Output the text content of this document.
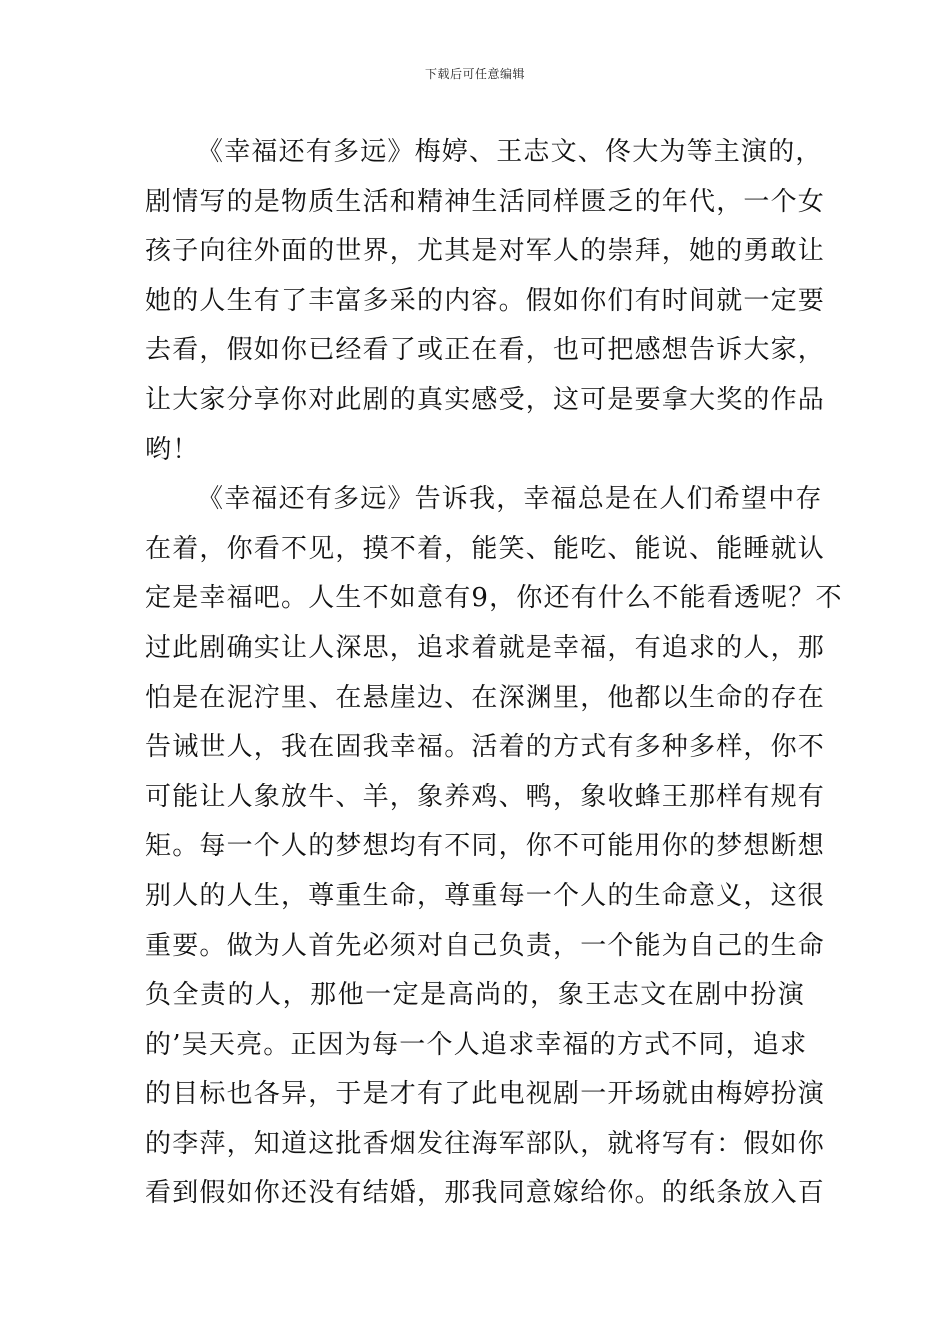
下载后可任意编辑
《幸福还有多远》梅婷、王志文、佟大为等主演的，
剧情写的是物质生活和精神生活同样匮乏的年代，一个女
孩子向往外面的世界，尤其是对军人的崇拜，她的勇敢让
她的人生有了丰富多采的内容。假如你们有时间就一定要
去看，假如你已经看了或正在看，也可把感想告诉大家，
让大家分享你对此剧的真实感受，这可是要拿大奖的作品
哟！
《幸福还有多远》告诉我，幸福总是在人们希望中存
在着，你看不见，摸不着，能笑、能吃、能说、能睡就认
定是幸福吧。人生不如意有9，你还有什么不能看透呢？不
过此剧确实让人深思，追求着就是幸福，有追求的人，那
怕是在泥泞里、在悬崖边、在深渊里，他都以生命的存在
告诫世人，我在固我幸福。活着的方式有多种多样，你不
可能让人象放牛、羊，象养鸡、鸭，象收蜂王那样有规有
矩。每一个人的梦想均有不同，你不可能用你的梦想断想
别人的人生，尊重生命，尊重每一个人的生命意义，这很
重要。做为人首先必须对自己负责，一个能为自己的生命
负全责的人，那他一定是高尚的，象王志文在剧中扮演
的’吴天亮。正因为每一个人追求幸福的方式不同，追求
的目标也各异，于是才有了此电视剧一开场就由梅婷扮演
的李萍，知道这批香烟发往海军部队，就将写有：假如你
看到假如你还没有结婚，那我同意嫁给你。的纸条放入百
